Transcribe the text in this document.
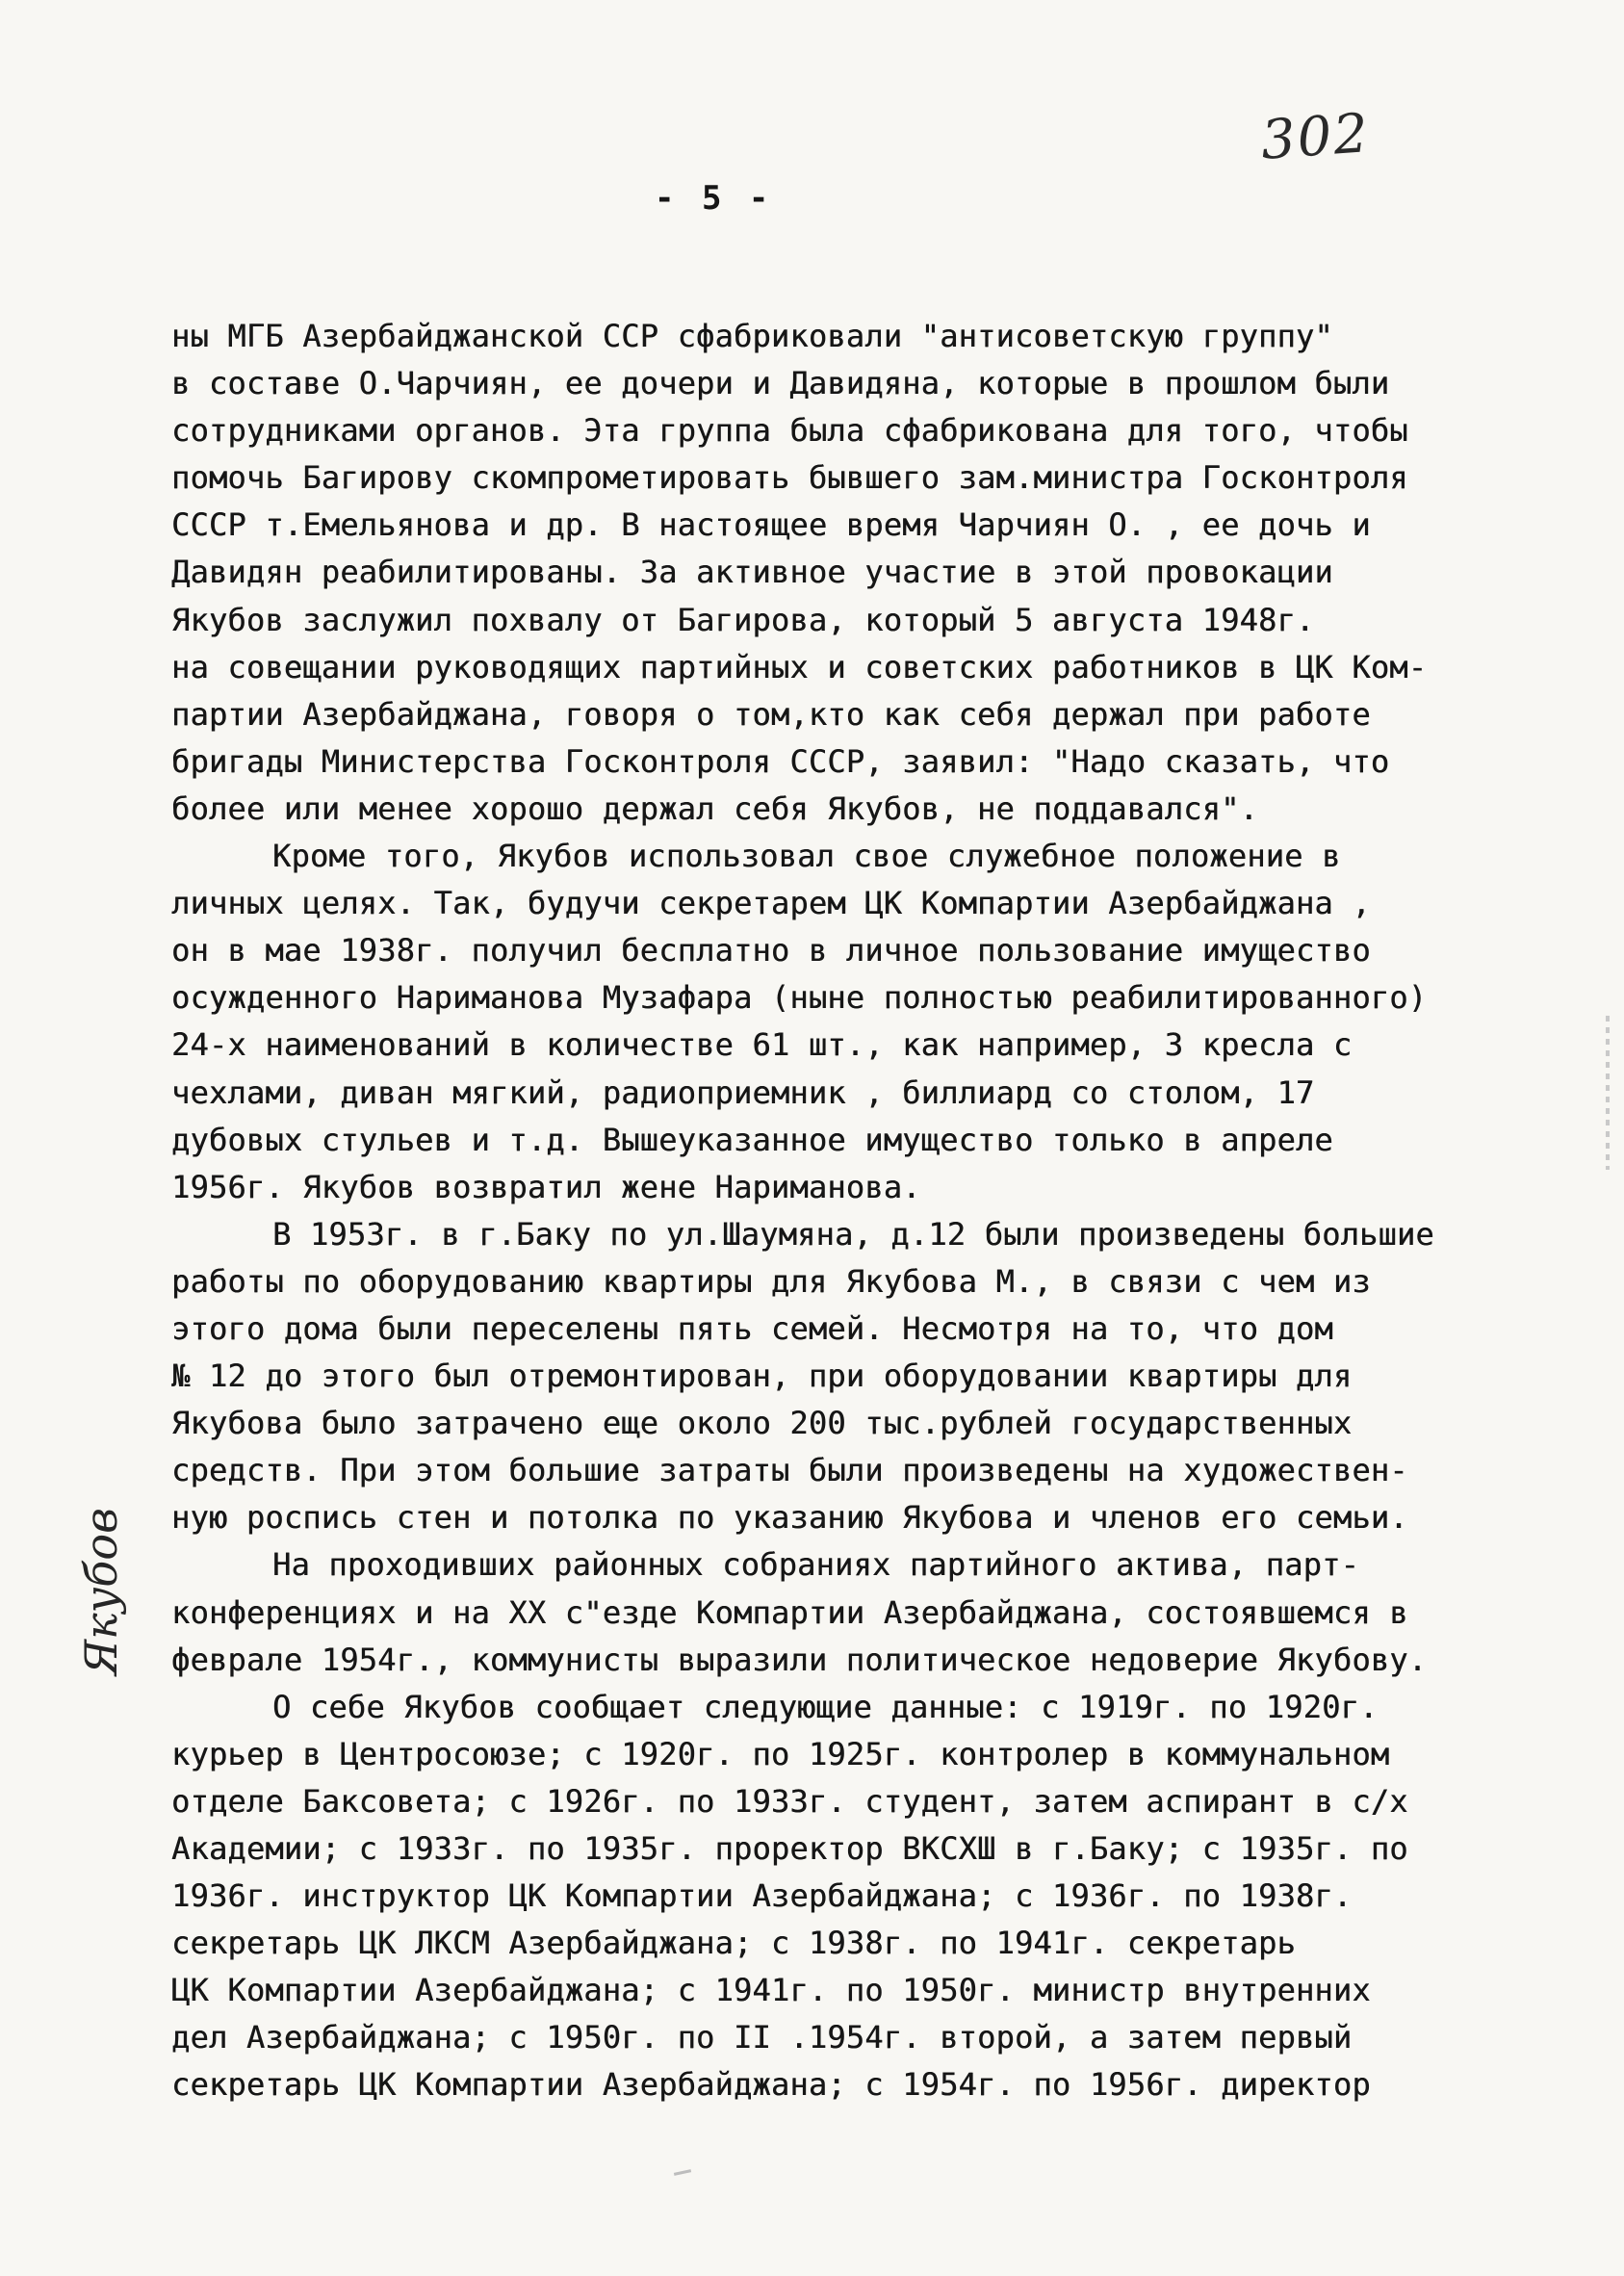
302
- 5 -
ны МГБ Азербайджанской ССР сфабриковали "антисоветскую группу"
в составе О.Чарчиян, ее дочери и Давидяна, которые в прошлом были
сотрудниками органов. Эта группа была сфабрикована для того, чтобы
помочь Багирову скомпрометировать бывшего зам.министра Госконтроля
СССР т.Емельянова и др. В настоящее время Чарчиян О. , ее дочь и
Давидян реабилитированы. За активное участие в этой провокации
Якубов заслужил похвалу от Багирова, который 5 августа 1948г.
на совещании руководящих партийных и советских работников в ЦК Ком-
партии Азербайджана, говоря о том,кто как себя держал при работе
бригады Министерства Госконтроля СССР, заявил: "Надо сказать, что
более или менее хорошо держал себя Якубов, не поддавался".
Кроме того, Якубов использовал свое служебное положение в
личных целях. Так, будучи секретарем ЦК Компартии Азербайджана ,
он в мае 1938г. получил бесплатно в личное пользование имущество
осужденного Нариманова Музафара (ныне полностью реабилитированного)
24-х наименований в количестве 61 шт., как например, 3 кресла с
чехлами, диван мягкий, радиоприемник , биллиард со столом, 17
дубовых стульев и т.д. Вышеуказанное имущество только в апреле
1956г. Якубов возвратил жене Нариманова.
В 1953г. в г.Баку по ул.Шаумяна, д.12 были произведены большие
работы по оборудованию квартиры для Якубова М., в связи с чем из
этого дома были переселены пять семей. Несмотря на то, что дом
№ 12 до этого был отремонтирован, при оборудовании квартиры для
Якубова было затрачено еще около 200 тыс.рублей государственных
средств. При этом большие затраты были произведены на художествен-
ную роспись стен и потолка по указанию Якубова и членов его семьи.
На проходивших районных собраниях партийного актива, парт-
конференциях и на XX с"езде Компартии Азербайджана, состоявшемся в
феврале 1954г., коммунисты выразили политическое недоверие Якубову.
О себе Якубов сообщает следующие данные: с 1919г. по 1920г.
курьер в Центросоюзе; с 1920г. по 1925г. контролер в коммунальном
отделе Баксовета; с 1926г. по 1933г. студент, затем аспирант в с/х
Академии; с 1933г. по 1935г. проректор ВКСХШ в г.Баку; с 1935г. по
1936г. инструктор ЦК Компартии Азербайджана; с 1936г. по 1938г.
секретарь ЦК ЛКСМ Азербайджана; с 1938г. по 1941г. секретарь
ЦК Компартии Азербайджана; с 1941г. по 1950г. министр внутренних
дел Азербайджана; с 1950г. по II .1954г. второй, а затем первый
секретарь ЦК Компартии Азербайджана; с 1954г. по 1956г. директор
Якубов
